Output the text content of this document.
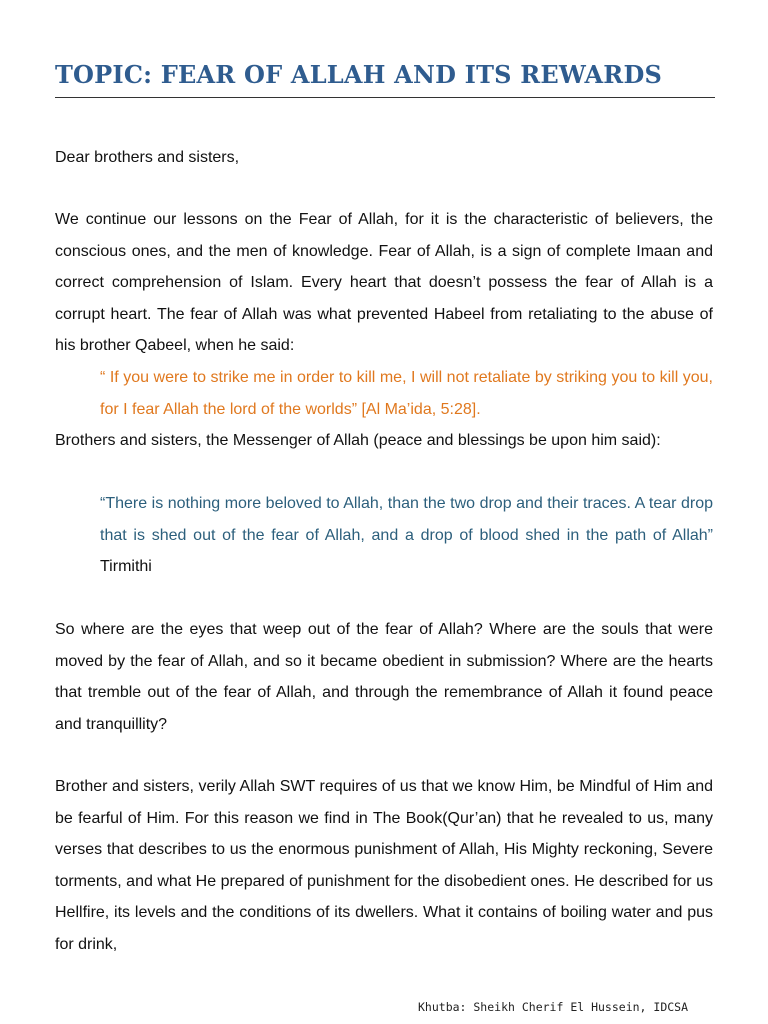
TOPIC: FEAR OF ALLAH AND ITS REWARDS

Dear brothers and sisters,

We continue our lessons on the Fear of Allah, for it is the characteristic of believers, the conscious ones, and the men of knowledge. Fear of Allah, is a sign of complete Imaan and correct comprehension of Islam. Every heart that doesn’t possess the fear of Allah is a corrupt heart. The fear of Allah was what prevented Habeel from retaliating to the abuse of his brother Qabeel, when he said:

“ If you were to strike me in order to kill me, I will not retaliate by striking you to kill you, for I fear Allah the lord of the worlds” [Al Ma’ida, 5:28].

Brothers and sisters, the Messenger of Allah (peace and blessings be upon him said):

“There is nothing more beloved to Allah, than the two drop and their traces. A tear drop that is shed out of the fear of Allah, and a drop of blood shed in the path of Allah” Tirmithi

So where are the eyes that weep out of the fear of Allah? Where are the souls that were moved by the fear of Allah, and so it became obedient in submission? Where are the hearts that tremble out of the fear of Allah, and through the remembrance of Allah it found peace and tranquillity?

Brother and sisters, verily Allah SWT requires of us that we know Him, be Mindful of Him and be fearful of Him. For this reason we find in The Book(Qur’an) that he revealed to us, many verses that describes to us the enormous punishment of Allah, His Mighty reckoning, Severe torments, and what He prepared of punishment for the disobedient ones. He described for us Hellfire, its levels and the conditions of its dwellers. What it contains of boiling water and pus for drink,

Khutba: Sheikh Cherif El Hussein, IDCSA
